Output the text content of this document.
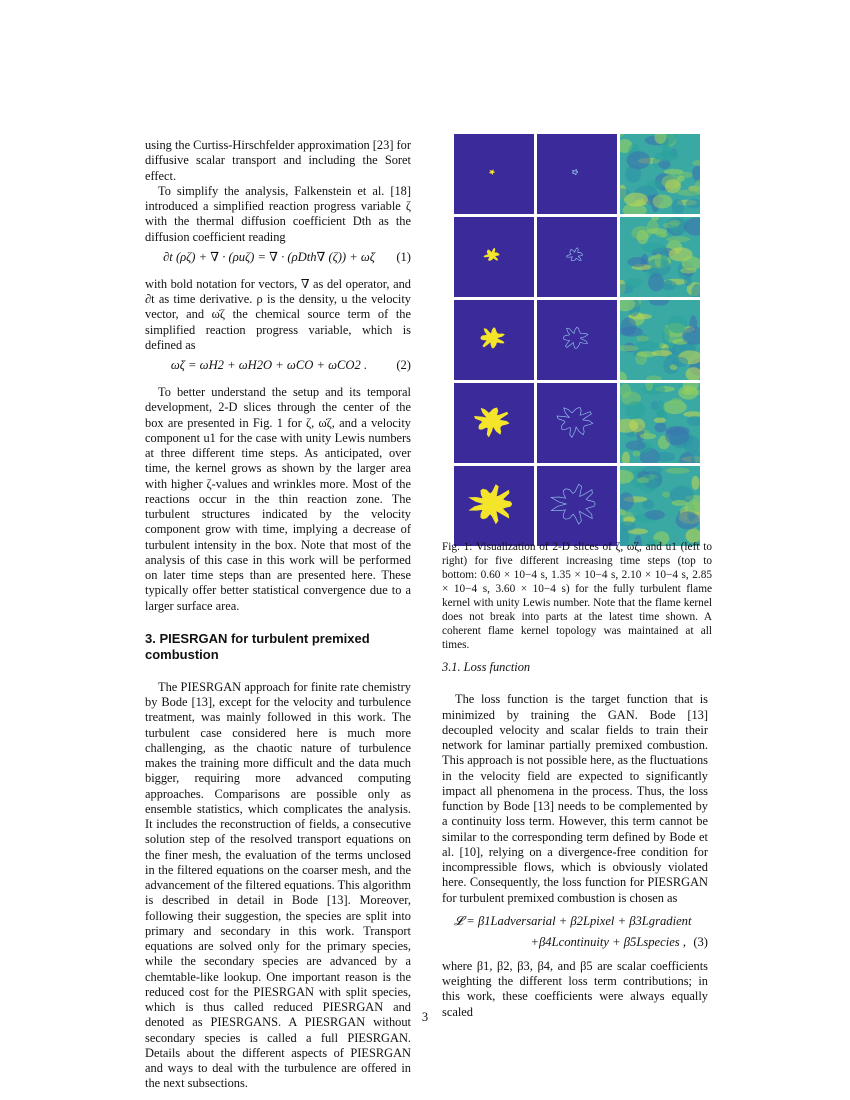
using the Curtiss-Hirschfelder approximation [23] for diffusive scalar transport and including the Soret effect.

To simplify the analysis, Falkenstein et al. [18] introduced a simplified reaction progress variable ζ with the thermal diffusion coefficient Dth as the diffusion coefficient reading

∂t (ρζ) + ∇ · (ρuζ) = ∇ · (ρDth∇ (ζ)) + ω̇ζ	(1)

with bold notation for vectors, ∇ as del operator, and ∂t as time derivative. ρ is the density, u the velocity vector, and ω̇ζ the chemical source term of the simplified reaction progress variable, which is defined as

ω̇ζ = ω̇H2 + ω̇H2O + ω̇CO + ω̇CO2 .	(2)

To better understand the setup and its temporal development, 2-D slices through the center of the box are presented in Fig. 1 for ζ, ω̇ζ, and a velocity component u1 for the case with unity Lewis numbers at three different time steps. As anticipated, over time, the kernel grows as shown by the larger area with higher ζ-values and wrinkles more. Most of the reactions occur in the thin reaction zone. The turbulent structures indicated by the velocity component grow with time, implying a decrease of turbulent intensity in the box. Note that most of the analysis of this case in this work will be performed on later time steps than are presented here. These typically offer better statistical convergence due to a larger surface area.

3. PIESRGAN for turbulent premixed combustion

The PIESRGAN approach for finite rate chemistry by Bode [13], except for the velocity and turbulence treatment, was mainly followed in this work. The turbulent case considered here is much more challenging, as the chaotic nature of turbulence makes the training more difficult and the data much bigger, requiring more advanced computing approaches. Comparisons are possible only as ensemble statistics, which complicates the analysis. It includes the reconstruction of fields, a consecutive solution step of the resolved transport equations on the finer mesh, the evaluation of the terms unclosed in the filtered equations on the coarser mesh, and the advancement of the filtered equations. This algorithm is described in detail in Bode [13]. Moreover, following their suggestion, the species are split into primary and secondary in this work. Transport equations are solved only for the primary species, while the secondary species are advanced by a chemtable-like lookup. One important reason is the reduced cost for the PIESRGAN with split species, which is thus called reduced PIESRGAN and denoted as PIESRGANS. A PIESRGAN without secondary species is called a full PIESRGAN. Details about the different aspects of PIESRGAN and ways to deal with the turbulence are offered in the next subsections.

Fig. 1: Visualization of 2-D slices of ζ, ω̇ζ, and u1 (left to right) for five different increasing time steps (top to bottom: 0.60 × 10−4 s, 1.35 × 10−4 s, 2.10 × 10−4 s, 2.85 × 10−4 s, 3.60 × 10−4 s) for the fully turbulent flame kernel with unity Lewis number. Note that the flame kernel does not break into parts at the latest time shown. A coherent flame kernel topology was maintained at all times.

3.1. Loss function

The loss function is the target function that is minimized by training the GAN. Bode [13] decoupled velocity and scalar fields to train their network for laminar partially premixed combustion. This approach is not possible here, as the fluctuations in the velocity field are expected to significantly impact all phenomena in the process. Thus, the loss function by Bode [13] needs to be complemented by a continuity loss term. However, this term cannot be similar to the corresponding term defined by Bode et al. [10], relying on a divergence-free condition for incompressible flows, which is obviously violated here. Consequently, the loss function for PIESRGAN for turbulent premixed combustion is chosen as

𝓛 = β1Ladversarial + β2Lpixel + β3Lgradient
+β4Lcontinuity + β5Lspecies , (3)

where β1, β2, β3, β4, and β5 are scalar coefficients weighting the different loss term contributions; in this work, these coefficients were always equally scaled

3
